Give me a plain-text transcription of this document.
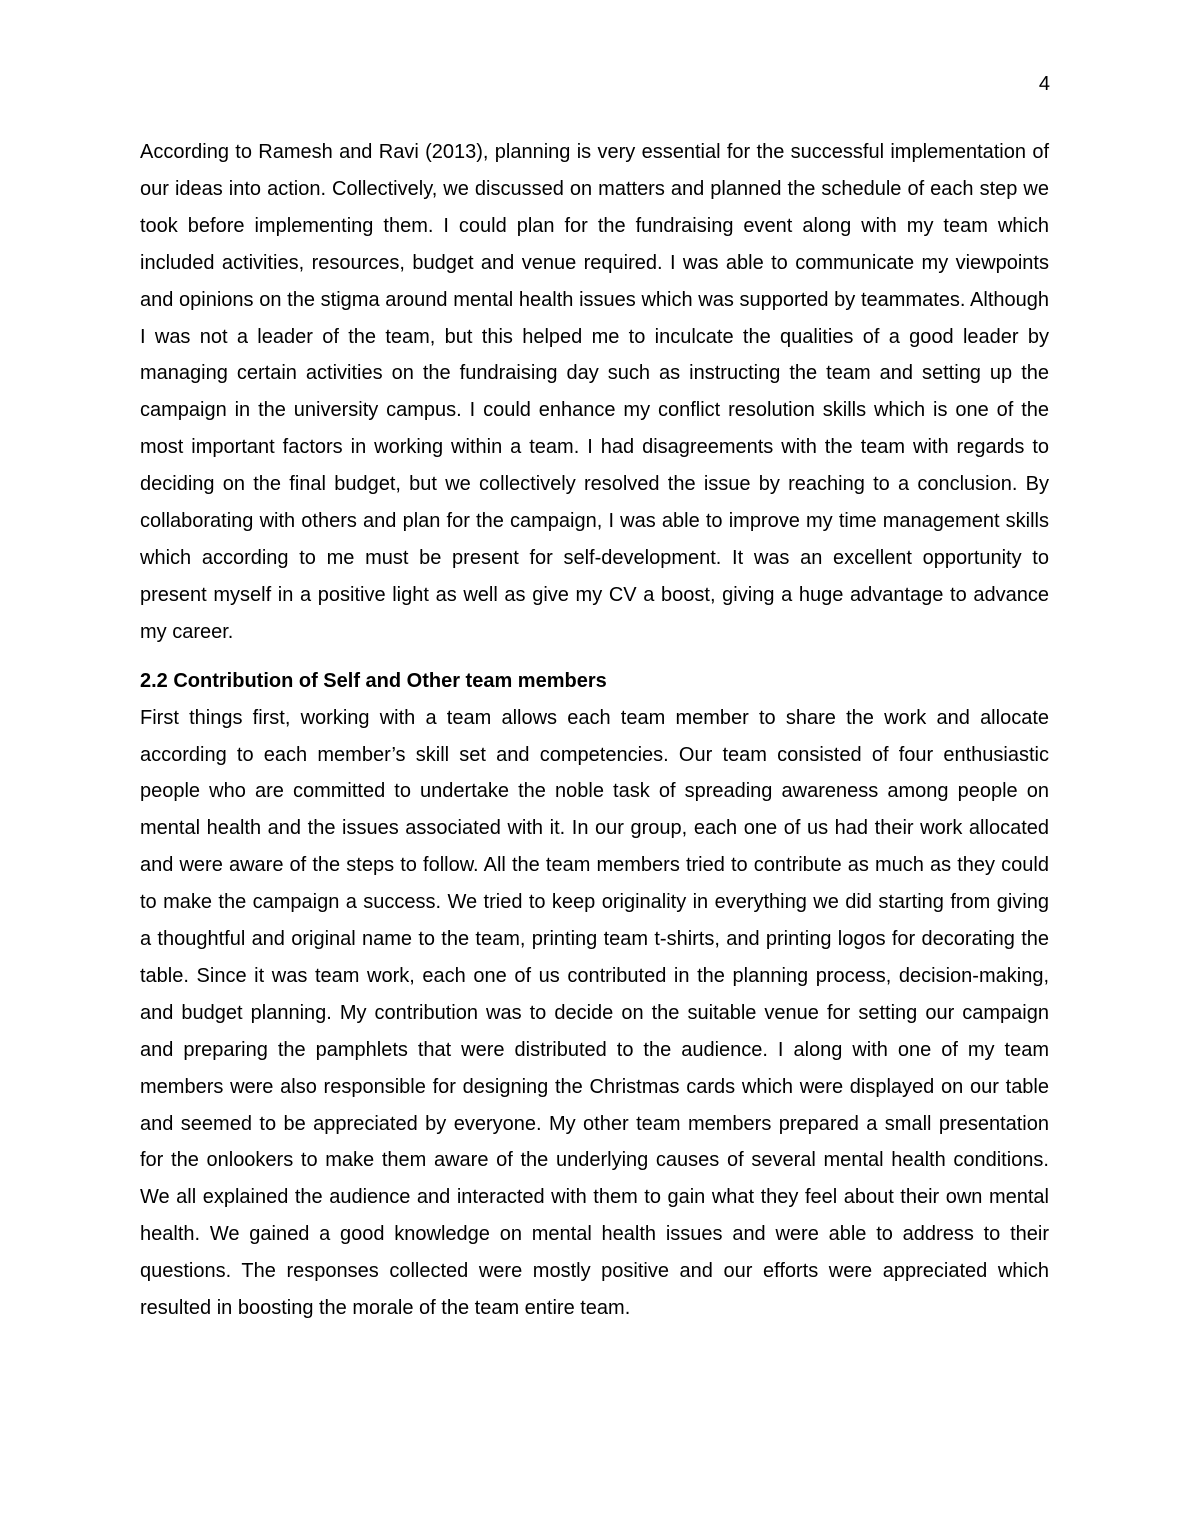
4

According to Ramesh and Ravi (2013), planning is very essential for the successful implementation of our ideas into action. Collectively, we discussed on matters and planned the schedule of each step we took before implementing them. I could plan for the fundraising event along with my team which included activities, resources, budget and venue required. I was able to communicate my viewpoints and opinions on the stigma around mental health issues which was supported by teammates. Although I was not a leader of the team, but this helped me to inculcate the qualities of a good leader by managing certain activities on the fundraising day such as instructing the team and setting up the campaign in the university campus. I could enhance my conflict resolution skills which is one of the most important factors in working within a team. I had disagreements with the team with regards to deciding on the final budget, but we collectively resolved the issue by reaching to a conclusion. By collaborating with others and plan for the campaign, I was able to improve my time management skills which according to me must be present for self-development. It was an excellent opportunity to present myself in a positive light as well as give my CV a boost, giving a huge advantage to advance my career.

2.2 Contribution of Self and Other team members

First things first, working with a team allows each team member to share the work and allocate according to each member’s skill set and competencies. Our team consisted of four enthusiastic people who are committed to undertake the noble task of spreading awareness among people on mental health and the issues associated with it. In our group, each one of us had their work allocated and were aware of the steps to follow. All the team members tried to contribute as much as they could to make the campaign a success. We tried to keep originality in everything we did starting from giving a thoughtful and original name to the team, printing team t-shirts, and printing logos for decorating the table. Since it was team work, each one of us contributed in the planning process, decision-making, and budget planning. My contribution was to decide on the suitable venue for setting our campaign and preparing the pamphlets that were distributed to the audience. I along with one of my team members were also responsible for designing the Christmas cards which were displayed on our table and seemed to be appreciated by everyone. My other team members prepared a small presentation for the onlookers to make them aware of the underlying causes of several mental health conditions. We all explained the audience and interacted with them to gain what they feel about their own mental health. We gained a good knowledge on mental health issues and were able to address to their questions. The responses collected were mostly positive and our efforts were appreciated which resulted in boosting the morale of the team entire team.
